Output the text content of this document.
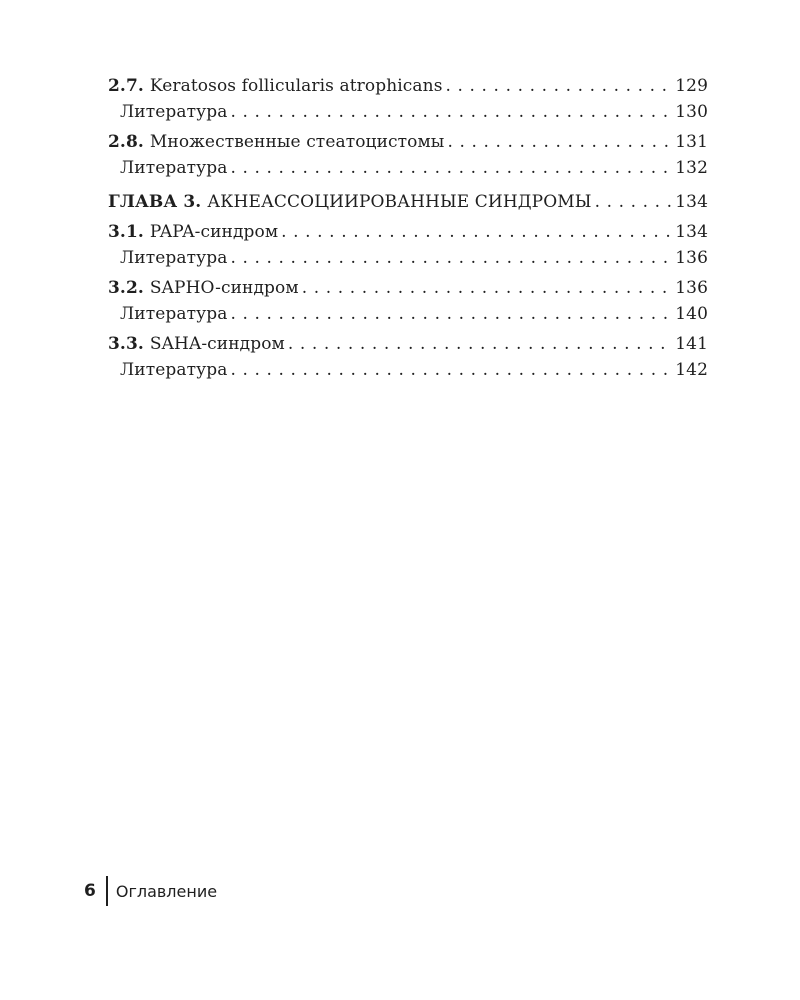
2.7. Keratosos follicularis atrophicans . . .	129
Литература . . .	130
2.8. Множественные стеатоцистомы . . .	131
Литература . . .	132
ГЛАВА 3. АКНЕАССОЦИИРОВАННЫЕ СИНДРОМЫ . . .	134
3.1. PAPA-синдром . . .	134
Литература . . .	136
3.2. SAPHO-синдром . . .	136
Литература . . .	140
3.3. SAHA-синдром . . .	141
Литература . . .	142
6 Оглавление
